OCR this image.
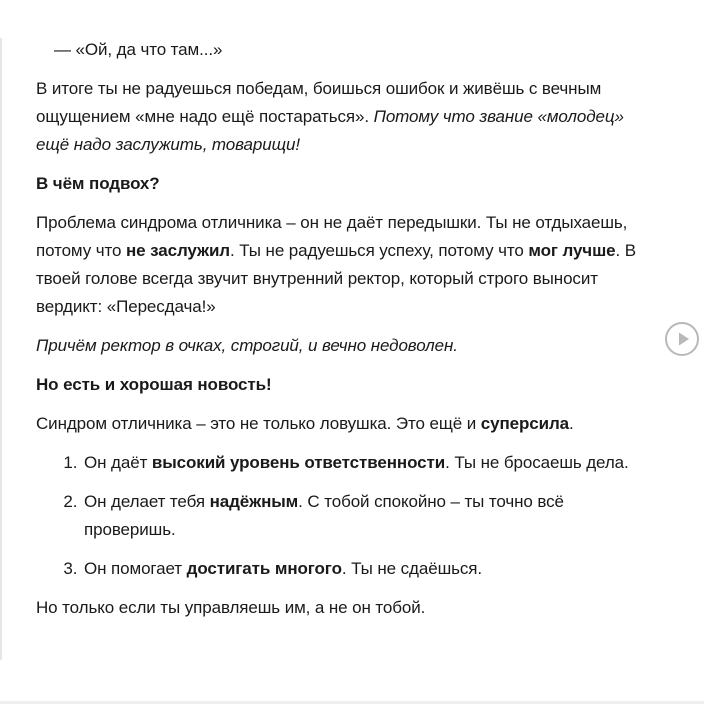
— «Ой, да что там...»

В итоге ты не радуешься победам, боишься ошибок и живёшь с вечным ощущением «мне надо ещё постараться». Потому что звание «молодец» ещё надо заслужить, товарищи!

В чём подвох?

Проблема синдрома отличника – он не даёт передышки. Ты не отдыхаешь, потому что не заслужил. Ты не радуешься успеху, потому что мог лучше. В твоей голове всегда звучит внутренний ректор, который строго выносит вердикт: «Пересдача!»

Причём ректор в очках, строгий, и вечно недоволен.

Но есть и хорошая новость!

Синдром отличника – это не только ловушка. Это ещё и суперсила.

1. Он даёт высокий уровень ответственности. Ты не бросаешь дела.
2. Он делает тебя надёжным. С тобой спокойно – ты точно всё проверишь.
3. Он помогает достигать многого. Ты не сдаёшься.

Но только если ты управляешь им, а не он тобой.
